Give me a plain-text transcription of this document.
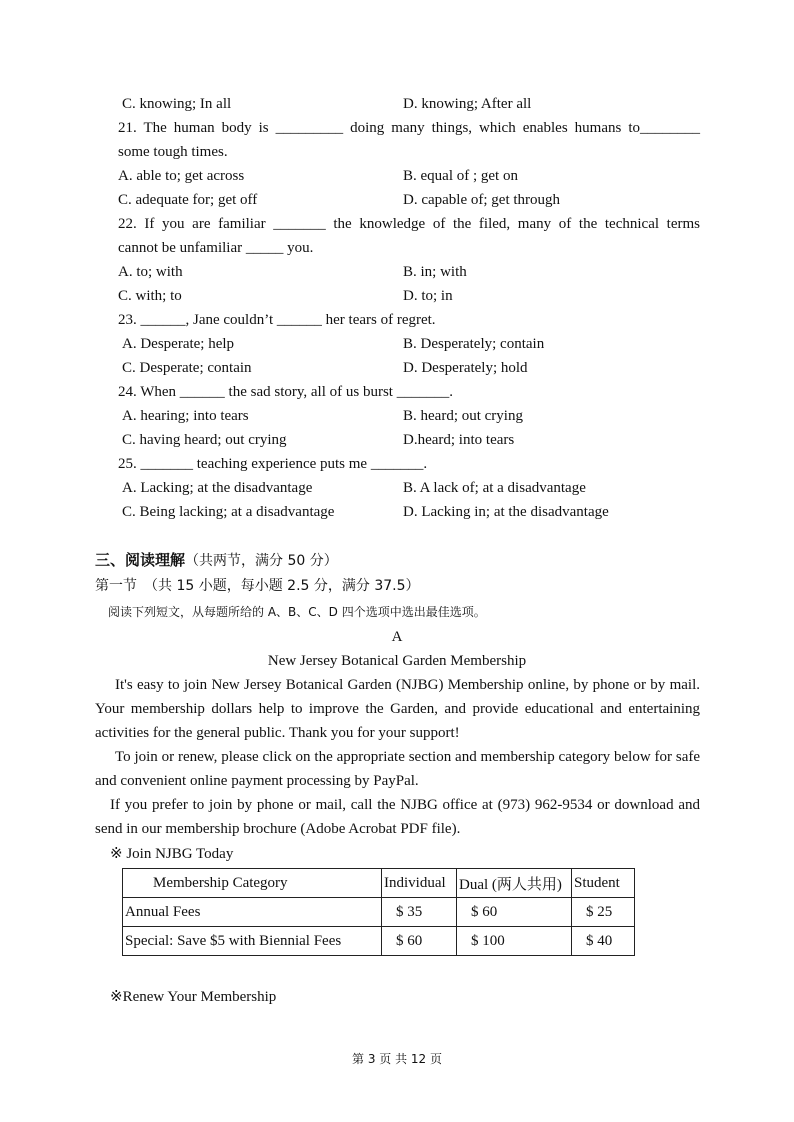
C. knowing; In all	D. knowing; After all
21. The human body is _________ doing many things, which enables humans to________
some tough times.
A. able to; get across	B. equal of ; get on
C. adequate for; get off	D. capable of; get through
22. If you are familiar _______ the knowledge of the filed, many of the technical terms
cannot be unfamiliar _____ you.
A. to; with	B. in; with
C. with; to	D. to; in
23. ______, Jane couldn’t ______ her tears of regret.
A. Desperate; help	B. Desperately; contain
C. Desperate; contain	D. Desperately; hold
24. When ______ the sad story, all of us burst _______.
A. hearing; into tears	B. heard; out crying
C. having heard; out crying	D.heard; into tears
25. _______ teaching experience puts me _______.
A. Lacking; at the disadvantage	B. A lack of; at a disadvantage
C. Being lacking; at a disadvantage	D. Lacking in; at the disadvantage
三、阅读理解（共两节，满分 50 分）
第一节　（共 15 小题，每小题 2.5 分，满分 37.5）
阅读下列短文，从每题所给的 A、B、C、D 四个选项中选出最佳选项。
A
New Jersey Botanical Garden Membership
It's easy to join New Jersey Botanical Garden (NJBG) Membership online, by phone or by mail. Your membership dollars help to improve the Garden, and provide educational and entertaining activities for the general public. Thank you for your support!
To join or renew, please click on the appropriate section and membership category below for safe and convenient online payment processing by PayPal.
If you prefer to join by phone or mail, call the NJBG office at (973) 962-9534 or download and send in our membership brochure (Adobe Acrobat PDF file).
※ Join NJBG Today
Membership Category	Individual	Dual (两人共用)	Student
Annual Fees	$ 35	$ 60	$ 25
Special: Save $5 with Biennial Fees	$ 60	$ 100	$ 40
※Renew Your Membership
第 3 页 共 12 页
